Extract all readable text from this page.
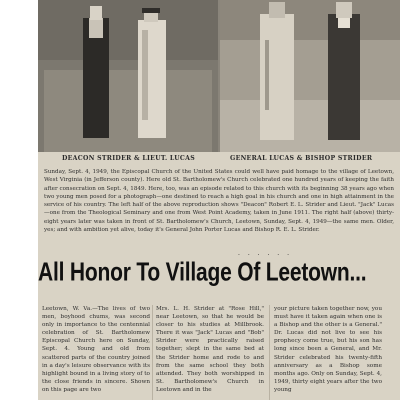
DEACON STRIDER & LIEUT. LUCAS	GENERAL LUCAS & BISHOP STRIDER
Sunday, Sept. 4, 1949, the Episcopal Church of the United States could well have paid homage to the village of Leetown, West Virginia (in Jefferson county). Here old St. Bartholomew's Church celebrated one hundred years of keeping the faith after consecration on Sept. 4, 1849. Here, too, was an episode related to this church with its beginning 38 years ago when two young men posed for a photograph—one destined to reach a high goal in his church and one in high attainment in the service of his country. The left half of the above reproduction shows "Deacon" Robert E. L. Strider and Lieut. "Jack" Lucas—one from the Theological Seminary and one from West Point Academy, taken in June 1911. The right half (above) thirty-eight years later was taken in front of St. Bartholomew's Church, Leetown, Sunday, Sept. 4, 1949—the same men. Older, yes; and with ambition yet alive, today it's General John Porter Lucas and Bishop R. E. L. Strider.
. . . . . .
All Honor To Village Of Leetown...
Leetown, W. Va.—The lives of two men, boyhood chums, was second only in importance to the centennial celebration of St. Bartholomew Episcopal Church here on Sunday, Sept. 4. Young and old from scattered parts of the country joined in a day's leisure observance with its highlight bound in a living story of to the close friends in sincere. Shown on this page are two
Mrs. L. H. Strider at "Rose Hill," near Leetown, so that he would be closer to his studies at Millbrook. There it was "Jack" Lucas and "Bob" Strider were practically raised together; slept in the same bed at the Strider home and rode to and from the same school they both attended. They both worshipped in St. Bartholomew's Church in Leetown and in the
your picture taken together now, you must have it taken again when one is a Bishop and the other is a General." Dr. Lucas did not live to see his prophecy come true, but his son has long since been a General, and Mr. Strider celebrated his twenty-fifth anniversary as a Bishop some months ago. Only on Sunday, Sept. 4, 1949, thirty eight years after the two young
